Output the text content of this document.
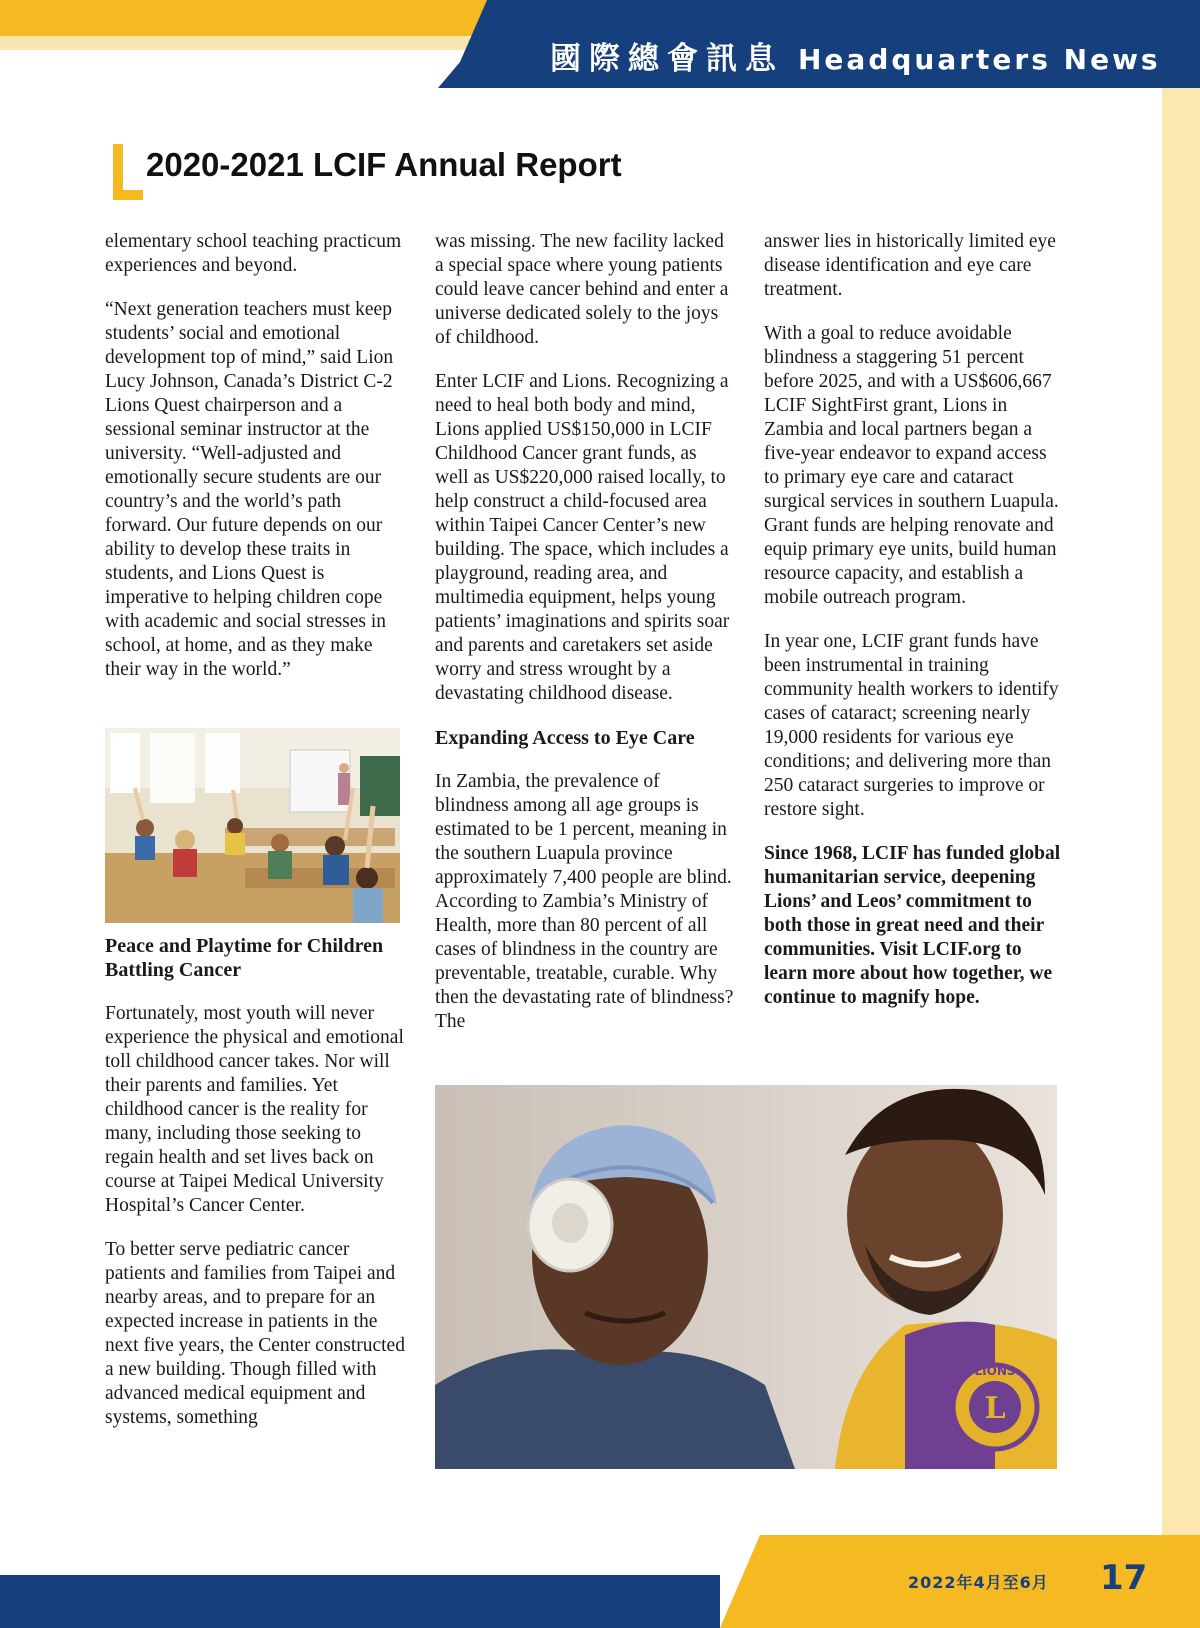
國際總會訊息 Headquarters News
2020-2021 LCIF Annual Report

elementary school teaching practicum experiences and beyond.

“Next generation teachers must keep students’ social and emotional development top of mind,” said Lion Lucy Johnson, Canada’s District C-2 Lions Quest chairperson and a sessional seminar instructor at the university. “Well-adjusted and emotionally secure students are our country’s and the world’s path forward. Our future depends on our ability to develop these traits in students, and Lions Quest is imperative to helping children cope with academic and social stresses in school, at home, and as they make their way in the world.”

Peace and Playtime for Children Battling Cancer

Fortunately, most youth will never experience the physical and emotional toll childhood cancer takes. Nor will their parents and families. Yet childhood cancer is the reality for many, including those seeking to regain health and set lives back on course at Taipei Medical University Hospital’s Cancer Center.

To better serve pediatric cancer patients and families from Taipei and nearby areas, and to prepare for an expected increase in patients in the next five years, the Center constructed a new building. Though filled with advanced medical equipment and systems, something

was missing. The new facility lacked a special space where young patients could leave cancer behind and enter a universe dedicated solely to the joys of childhood.

Enter LCIF and Lions. Recognizing a need to heal both body and mind, Lions applied US$150,000 in LCIF Childhood Cancer grant funds, as well as US$220,000 raised locally, to help construct a child-focused area within Taipei Cancer Center’s new building. The space, which includes a playground, reading area, and multimedia equipment, helps young patients’ imaginations and spirits soar and parents and caretakers set aside worry and stress wrought by a devastating childhood disease.

Expanding Access to Eye Care

In Zambia, the prevalence of blindness among all age groups is estimated to be 1 percent, meaning in the southern Luapula province approximately 7,400 people are blind. According to Zambia’s Ministry of Health, more than 80 percent of all cases of blindness in the country are preventable, treatable, curable. Why then the devastating rate of blindness? The

answer lies in historically limited eye disease identification and eye care treatment.

With a goal to reduce avoidable blindness a staggering 51 percent before 2025, and with a US$606,667 LCIF SightFirst grant, Lions in Zambia and local partners began a five-year endeavor to expand access to primary eye care and cataract surgical services in southern Luapula. Grant funds are helping renovate and equip primary eye units, build human resource capacity, and establish a mobile outreach program.

In year one, LCIF grant funds have been instrumental in training community health workers to identify cases of cataract; screening nearly 19,000 residents for various eye conditions; and delivering more than 250 cataract surgeries to improve or restore sight.

Since 1968, LCIF has funded global humanitarian service, deepening Lions’ and Leos’ commitment to both those in great need and their communities. Visit LCIF.org to learn more about how together, we continue to magnify hope.

LIONS
L
2022年4月至6月 17
